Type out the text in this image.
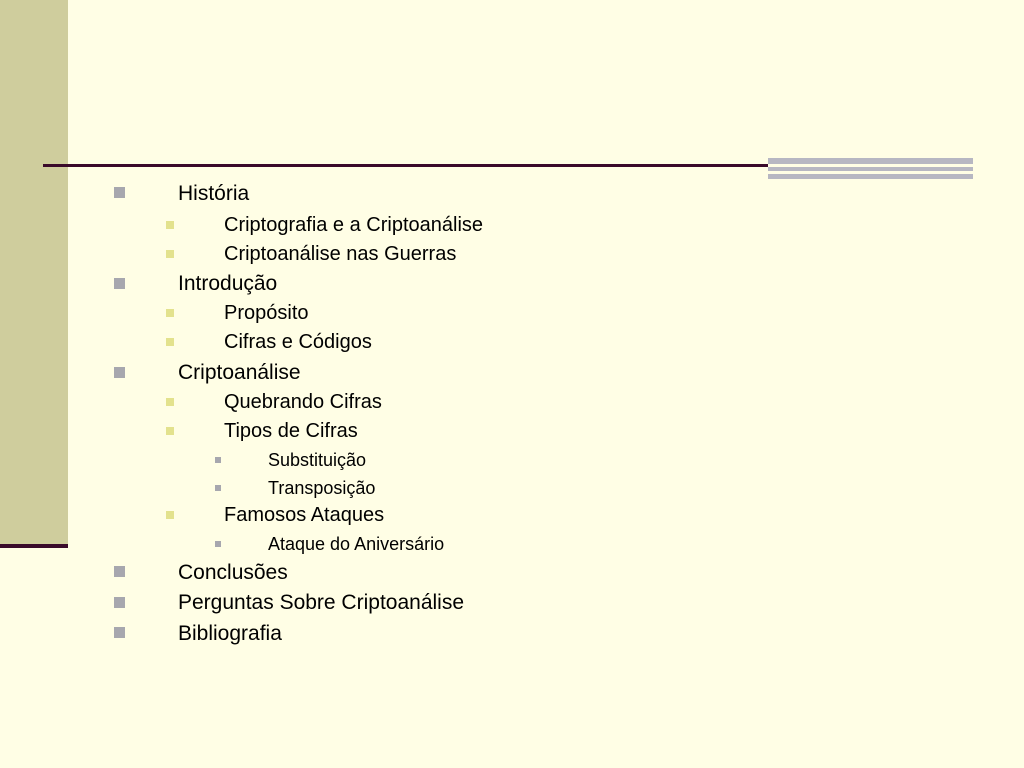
História
Criptografia e a Criptoanálise
Criptoanálise nas Guerras
Introdução
Propósito
Cifras e Códigos
Criptoanálise
Quebrando Cifras
Tipos de Cifras
Substituição
Transposição
Famosos Ataques
Ataque do Aniversário
Conclusões
Perguntas Sobre Criptoanálise
Bibliografia
